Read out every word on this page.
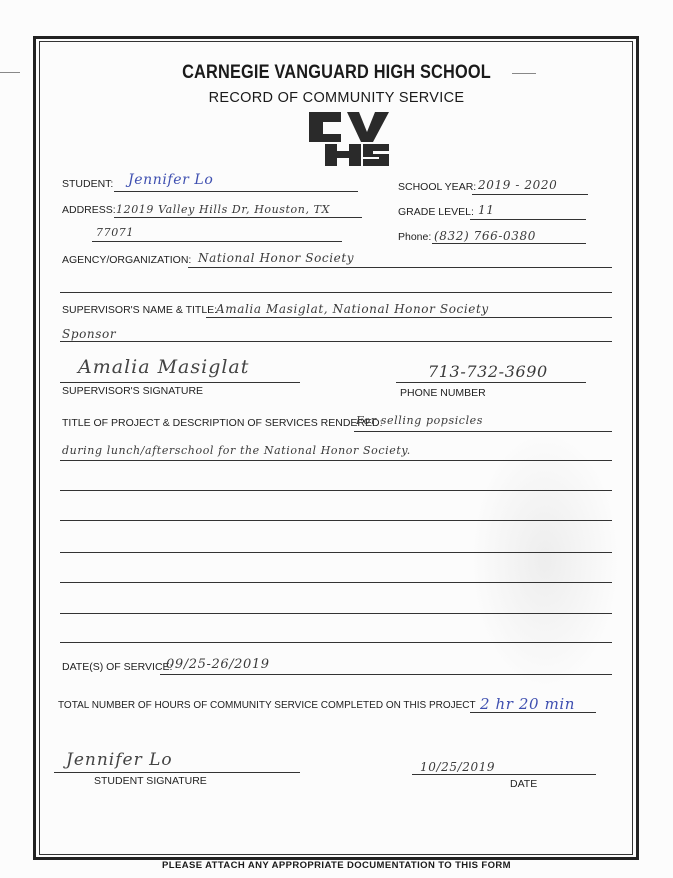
CARNEGIE VANGUARD HIGH SCHOOL
RECORD OF COMMUNITY SERVICE
STUDENT: Jennifer Lo	SCHOOL YEAR: 2019 - 2020
ADDRESS: 12019 Valley Hills Dr, Houston, TX	GRADE LEVEL: 11
77071	Phone: (832) 766-0380
AGENCY/ORGANIZATION: National Honor Society
SUPERVISOR'S NAME & TITLE:
Amalia Masiglat, National Honor Society
Sponsor
Amalia Masiglat
SUPERVISOR'S SIGNATURE
713-732-3690
PHONE NUMBER
TITLE OF PROJECT & DESCRIPTION OF SERVICES RENDERED:
For selling popsicles
during lunch/afterschool for the National Honor Society.
DATE(S) OF SERVICE:
09/25-26/2019
TOTAL NUMBER OF HOURS OF COMMUNITY SERVICE COMPLETED ON THIS PROJECT 2 hr 20 min
Jennifer Lo
STUDENT SIGNATURE
10/25/2019
DATE
PLEASE ATTACH ANY APPROPRIATE DOCUMENTATION TO THIS FORM
